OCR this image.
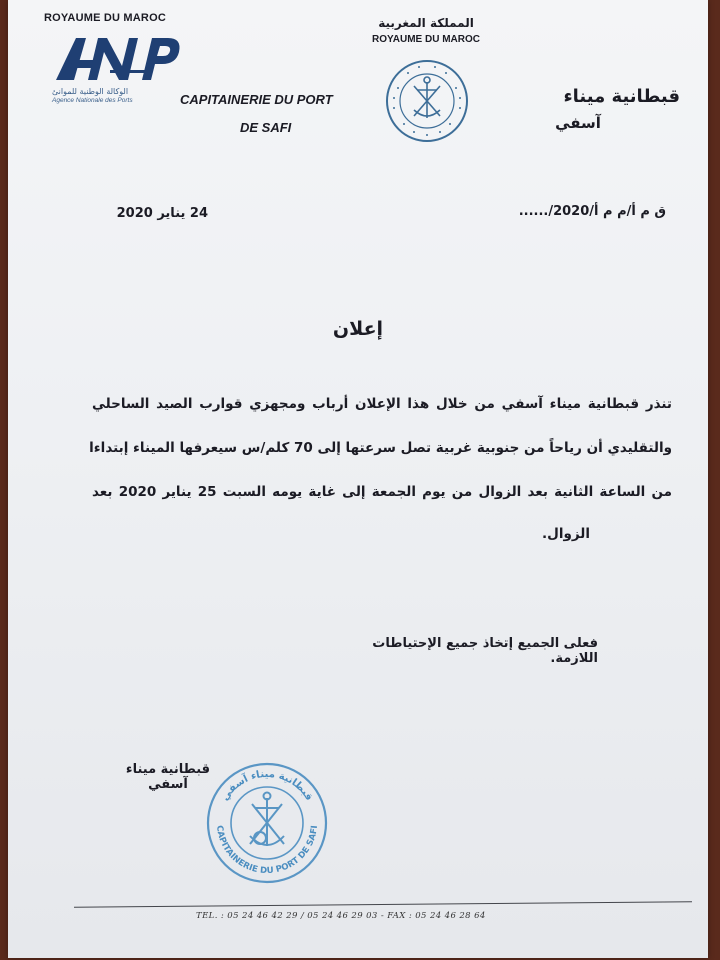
ROYAUME DU MAROC
الوكالة الوطنية للموانئ
Agence Nationale des Ports	CAPITAINERIE DU PORT
DE SAFI
المملكة المغربية
ROYAUME DU MAROC
قبطانية ميناء
آسفي
24 يناير 2020	....../ق م أ/م م أ/2020
إعلان
تنذر قبطانية ميناء آسفي من خلال هذا الإعلان أرباب ومجهزي قوارب الصيد الساحلي
والتقليدي أن رياحاً من جنوبية غربية تصل سرعتها إلى 70 كلم/س سيعرفها الميناء إبتداءا
من الساعة الثانية بعد الزوال من يوم الجمعة إلى غاية يومه السبت 25 يناير 2020 بعد
الزوال.
فعلى الجميع إتخاذ جميع الإحتياطات اللازمة.
قبطانية ميناء آسفي
قبطانية ميناء آسفي
CAPITAINERIE DU PORT DE SAFI
TEL. : 05 24 46 42 29 / 05 24 46 29 03 - FAX : 05 24 46 28 64
